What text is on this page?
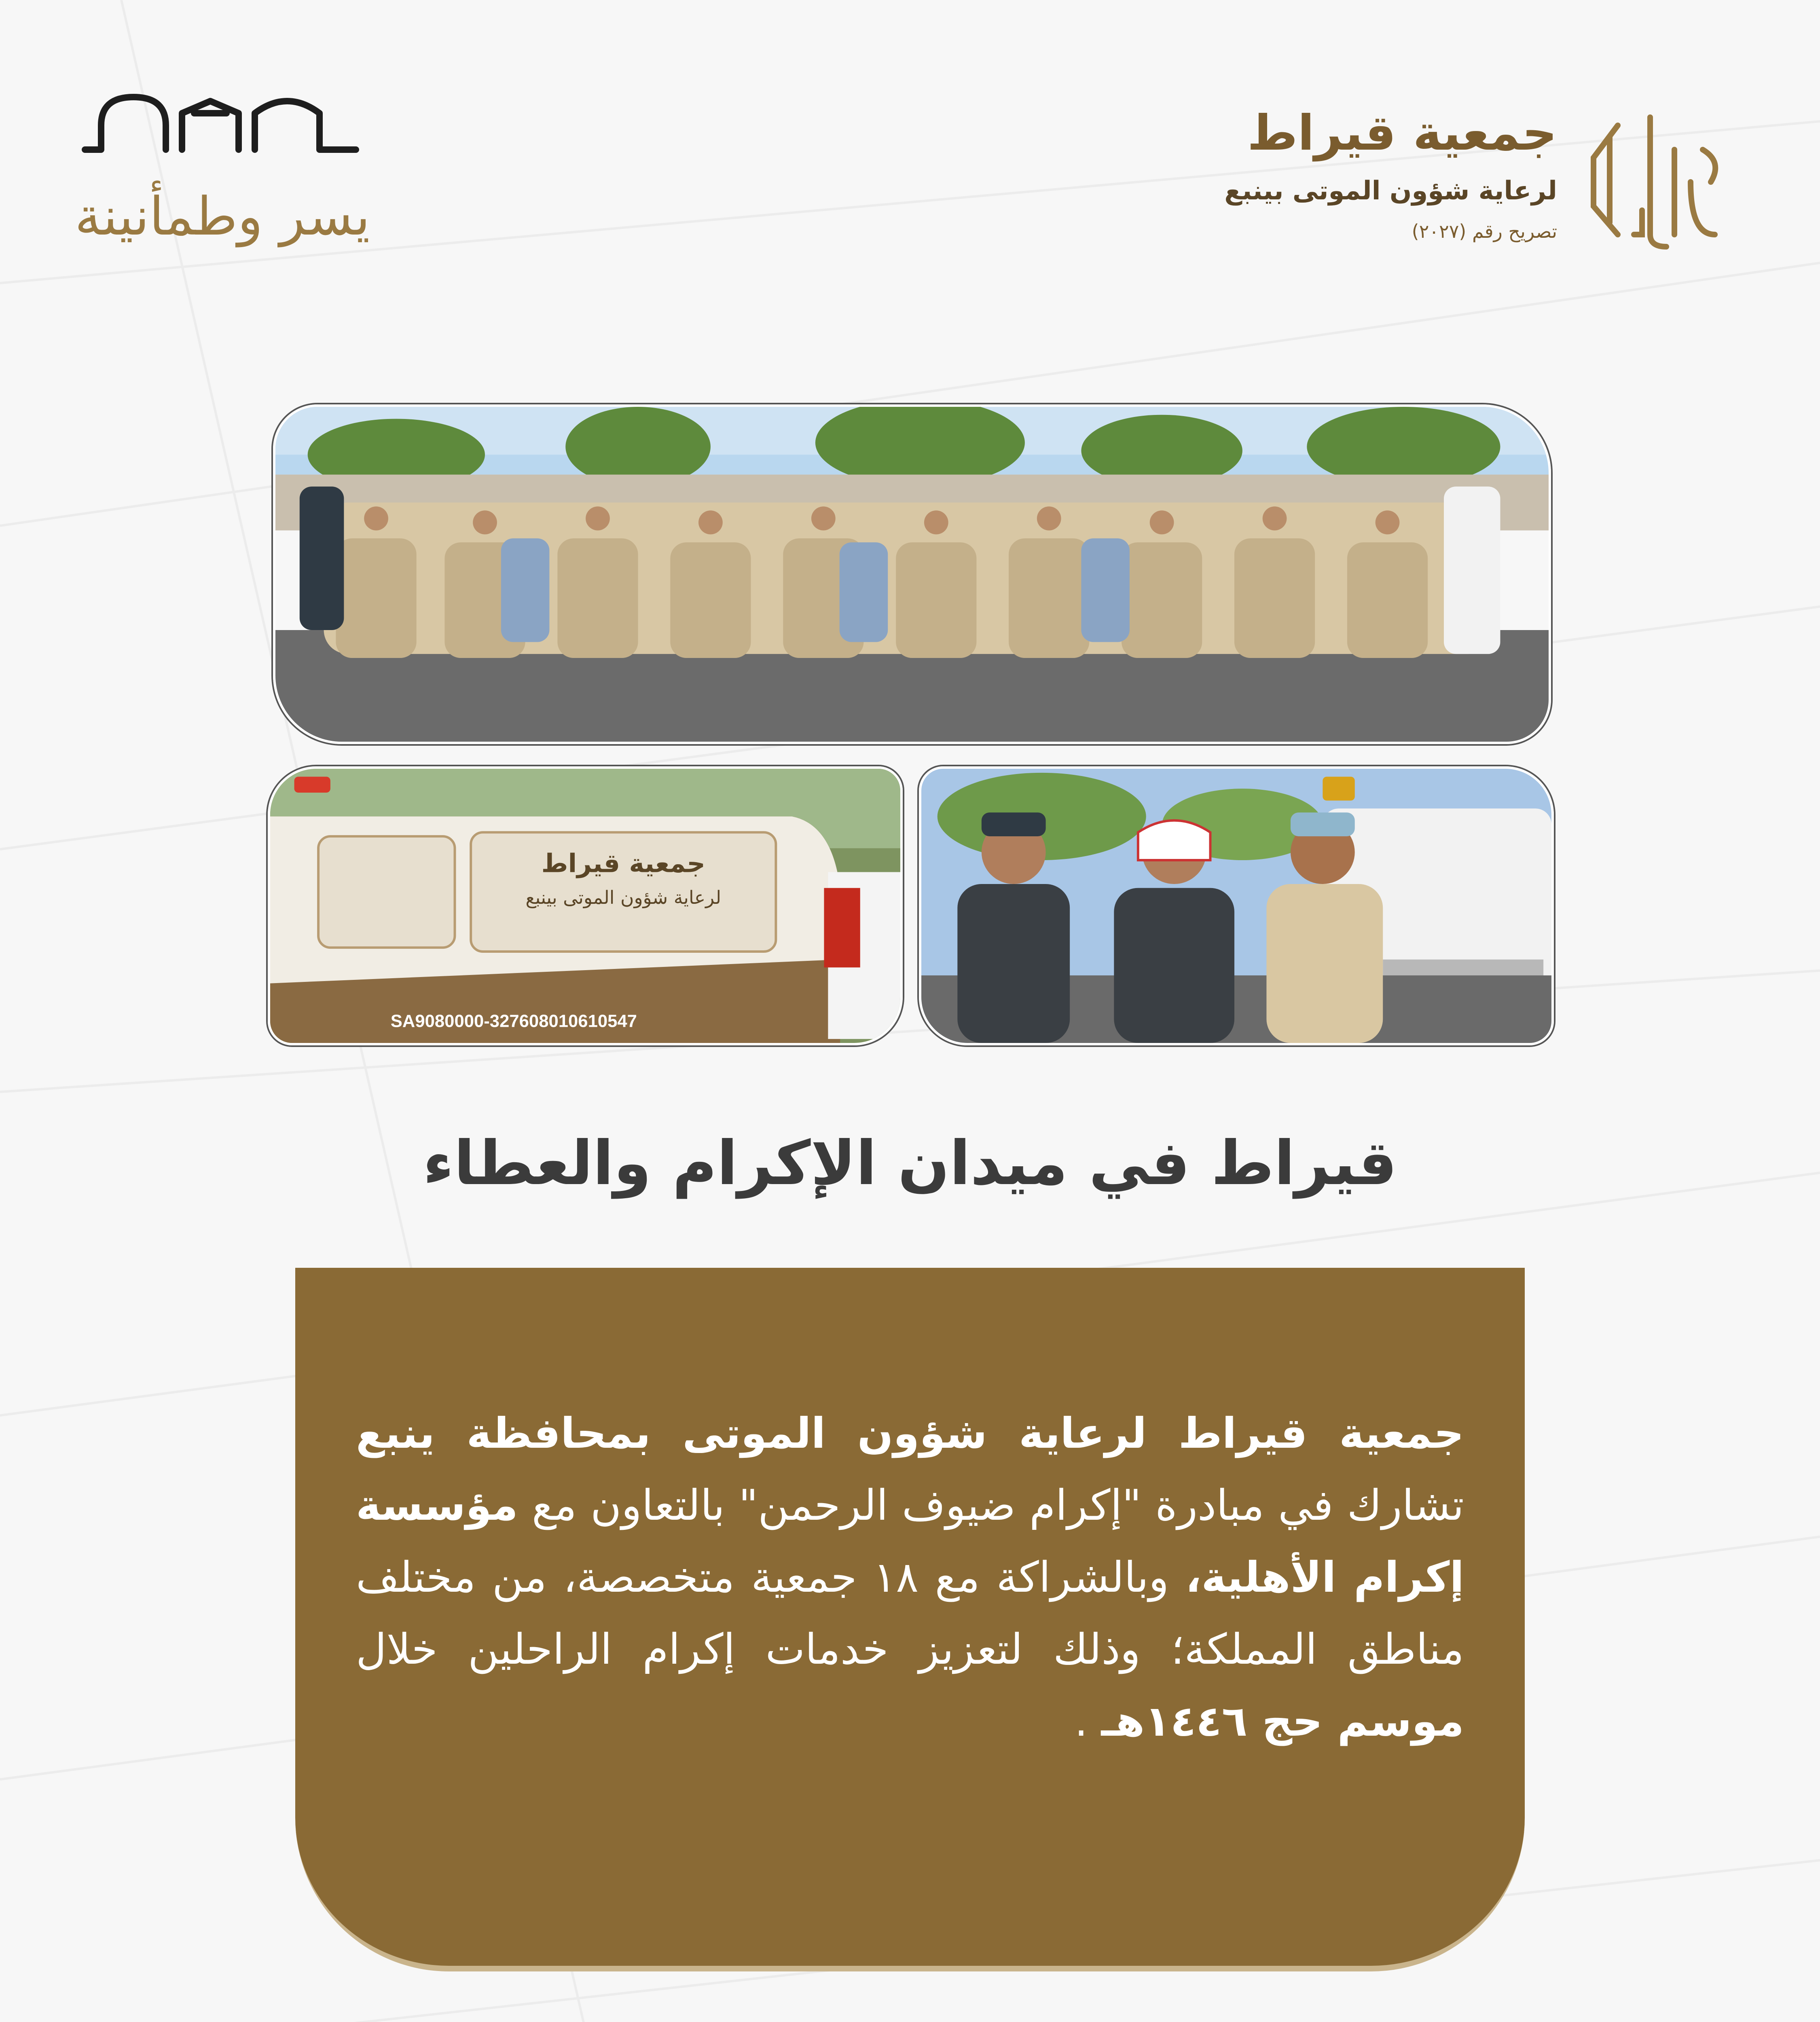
يسر وطمأنينة
جمعية قيراط
لرعاية شؤون الموتى بينبع
تصريح رقم (٢٠٢٧)
جمعية قيراط
لرعاية شؤون الموتى بينبع
SA9080000-327608010610547
قيراط في ميدان الإكرام والعطاء
جمعية قيراط لرعاية شؤون الموتى بمحافظة ينبع تشارك في مبادرة "إكرام ضيوف الرحمن" بالتعاون مع مؤسسة إكرام الأهلية، وبالشراكة مع ١٨ جمعية متخصصة، من مختلف مناطق المملكة؛ وذلك لتعزيز خدمات إكرام الراحلين خلال موسم حج ١٤٤٦هـ .
